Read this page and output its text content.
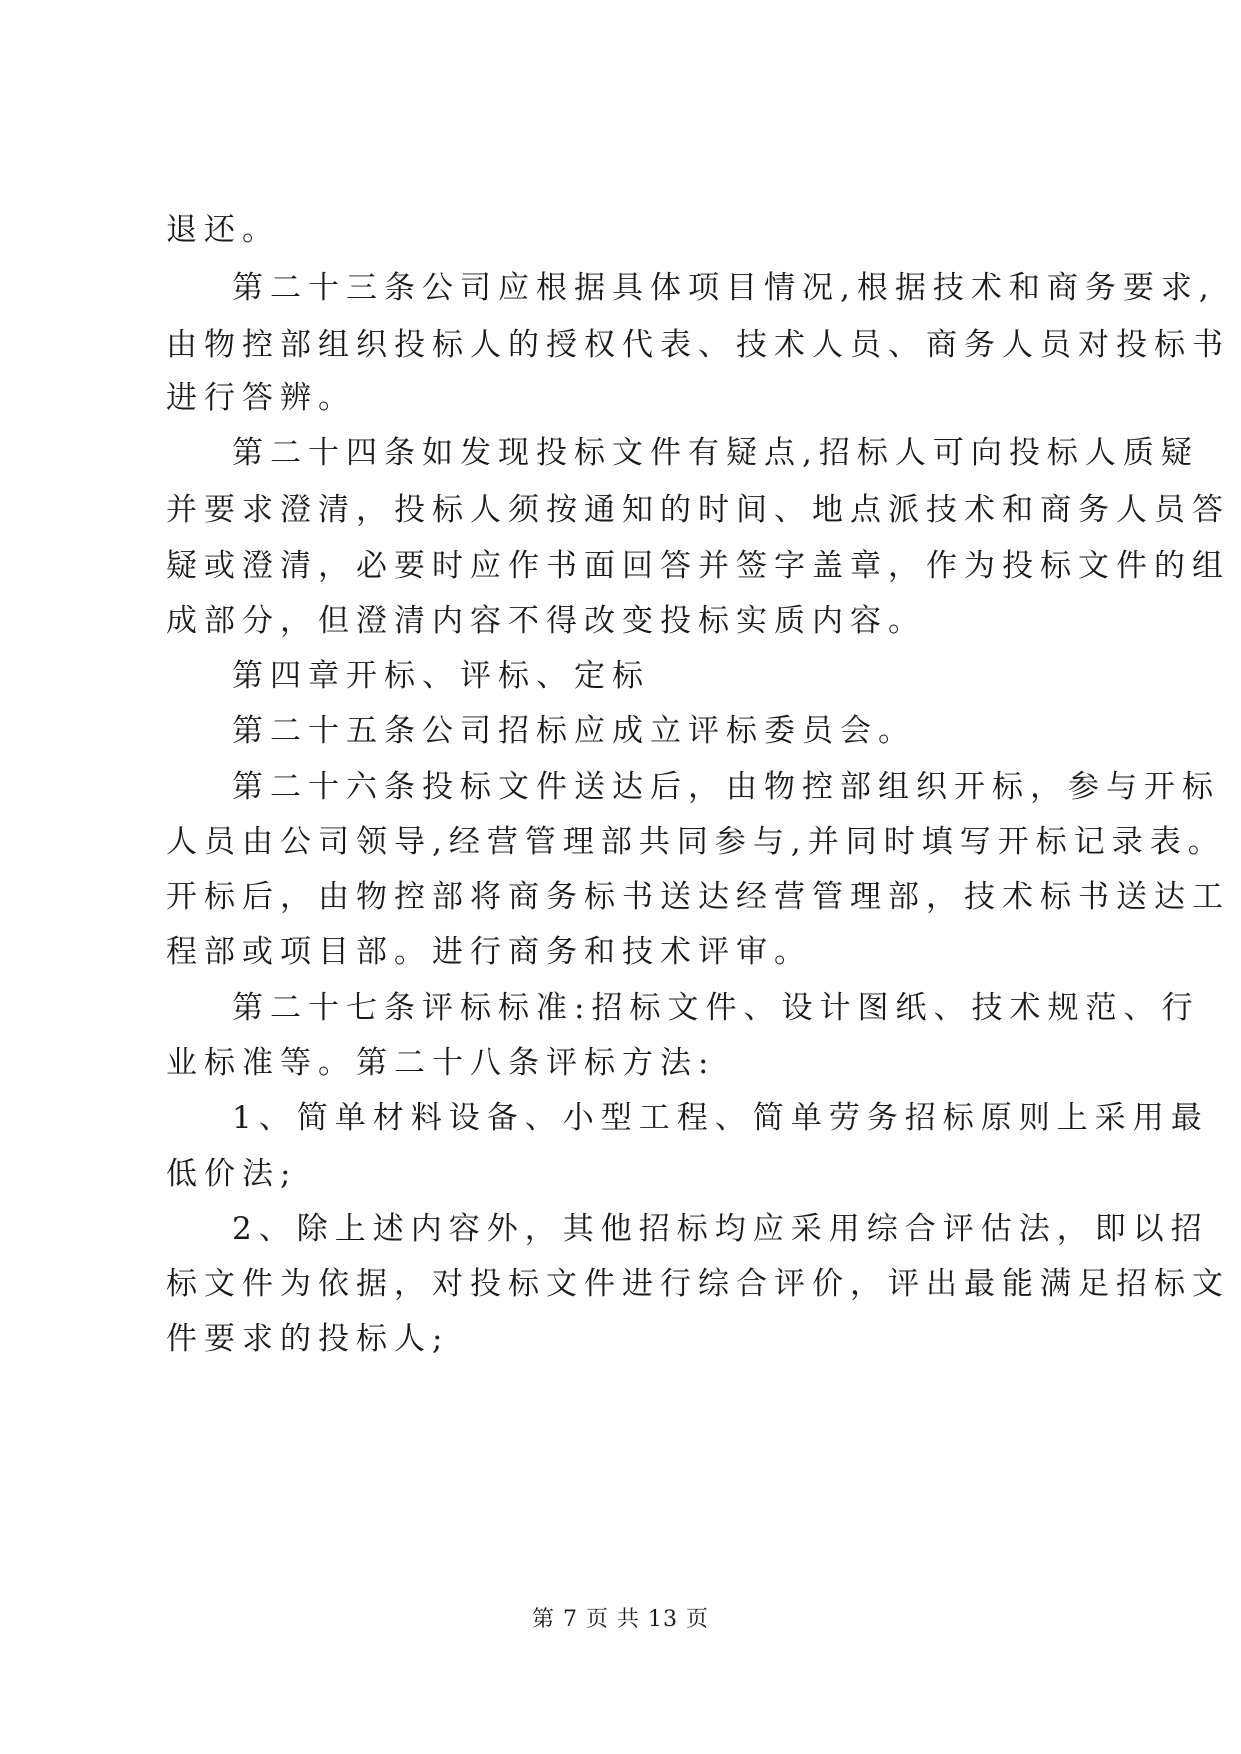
退还。
第二十三条公司应根据具体项目情况,根据技术和商务要求,
由物控部组织投标人的授权代表、技术人员、商务人员对投标书
进行答辨。
第二十四条如发现投标文件有疑点,招标人可向投标人质疑
并要求澄清，投标人须按通知的时间、地点派技术和商务人员答
疑或澄清，必要时应作书面回答并签字盖章，作为投标文件的组
成部分，但澄清内容不得改变投标实质内容。
第四章开标、评标、定标
第二十五条公司招标应成立评标委员会。
第二十六条投标文件送达后，由物控部组织开标，参与开标
人员由公司领导,经营管理部共同参与,并同时填写开标记录表。
开标后，由物控部将商务标书送达经营管理部，技术标书送达工
程部或项目部。进行商务和技术评审。
第二十七条评标标准:招标文件、设计图纸、技术规范、行
业标准等。第二十八条评标方法:
1、简单材料设备、小型工程、简单劳务招标原则上采用最
低价法;
2、除上述内容外，其他招标均应采用综合评估法，即以招
标文件为依据，对投标文件进行综合评价，评出最能满足招标文
件要求的投标人;
第 7 页 共 13 页
